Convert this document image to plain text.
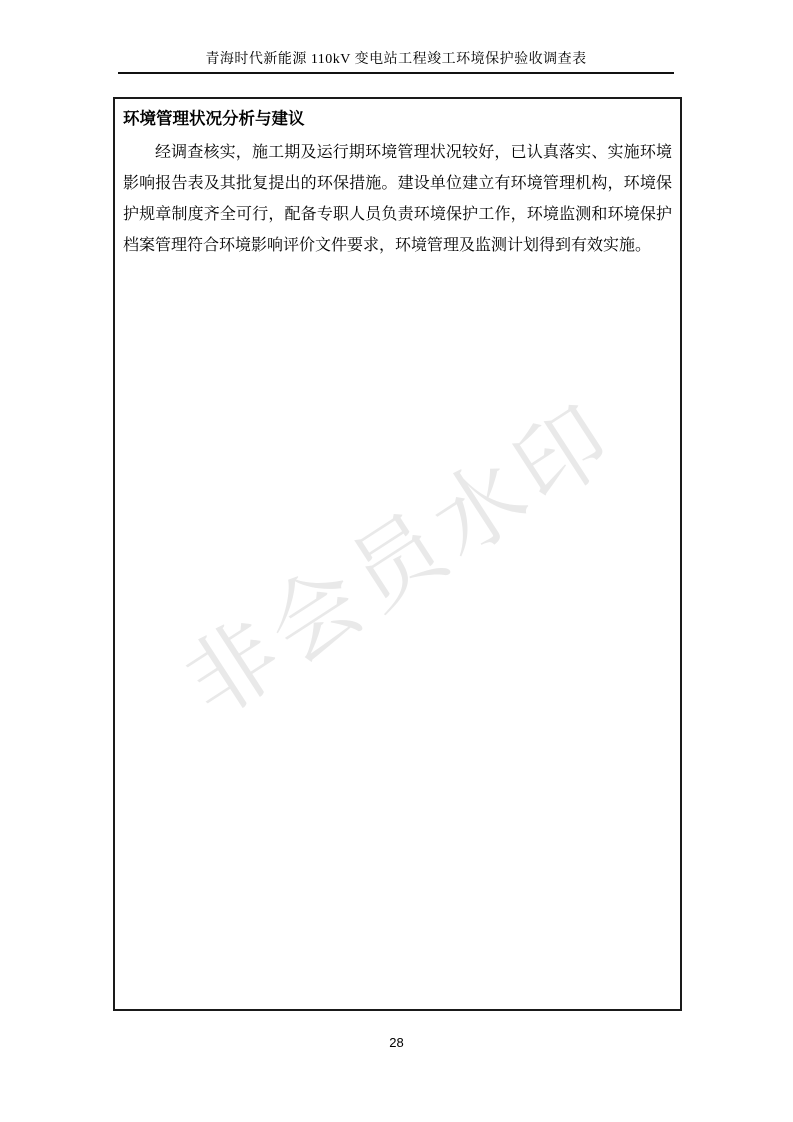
非会员水印
青海时代新能源 110kV 变电站工程竣工环境保护验收调查表
环境管理状况分析与建议

经调查核实，施工期及运行期环境管理状况较好，已认真落实、实施环境影响报告表及其批复提出的环保措施。建设单位建立有环境管理机构，环境保护规章制度齐全可行，配备专职人员负责环境保护工作，环境监测和环境保护档案管理符合环境影响评价文件要求，环境管理及监测计划得到有效实施。

28
